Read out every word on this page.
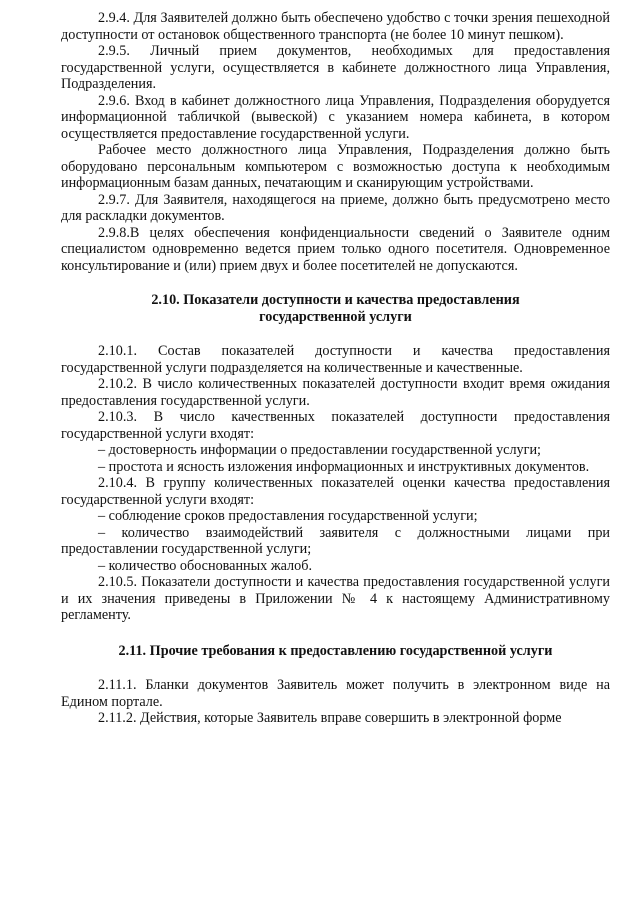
2.9.4. Для Заявителей должно быть обеспечено удобство с точки зрения пешеходной доступности от остановок общественного транспорта (не более 10 минут пешком).

2.9.5. Личный прием документов, необходимых для предоставления государственной услуги, осуществляется в кабинете должностного лица Управления, Подразделения.

2.9.6. Вход в кабинет должностного лица Управления, Подразделения оборудуется информационной табличкой (вывеской) с указанием номера кабинета, в котором осуществляется предоставление государственной услуги.

Рабочее место должностного лица Управления, Подразделения должно быть оборудовано персональным компьютером с возможностью доступа к необходимым информационным базам данных, печатающим и сканирующим устройствами.

2.9.7. Для Заявителя, находящегося на приеме, должно быть предусмотрено место для раскладки документов.

2.9.8.В целях обеспечения конфиденциальности сведений о Заявителе одним специалистом одновременно ведется прием только одного посетителя. Одновременное консультирование и (или) прием двух и более посетителей не допускаются.

2.10. Показатели доступности и качества предоставления
государственной услуги

2.10.1. Состав показателей доступности и качества предоставления государственной услуги подразделяется на количественные и качественные.

2.10.2. В число количественных показателей доступности входит время ожидания предоставления государственной услуги.

2.10.3. В число качественных показателей доступности предоставления государственной услуги входят:

– достоверность информации о предоставлении государственной услуги;

– простота и ясность изложения информационных и инструктивных документов.

2.10.4. В группу количественных показателей оценки качества предоставления государственной услуги входят:

– соблюдение сроков предоставления государственной услуги;

– количество взаимодействий заявителя с должностными лицами при предоставлении государственной услуги;

– количество обоснованных жалоб.

2.10.5. Показатели доступности и качества предоставления государственной услуги и их значения приведены в Приложении № 4 к настоящему Административному регламенту.

2.11. Прочие требования к предоставлению государственной услуги

2.11.1. Бланки документов Заявитель может получить в электронном виде на Едином портале.

2.11.2. Действия, которые Заявитель вправе совершить в электронной форме
